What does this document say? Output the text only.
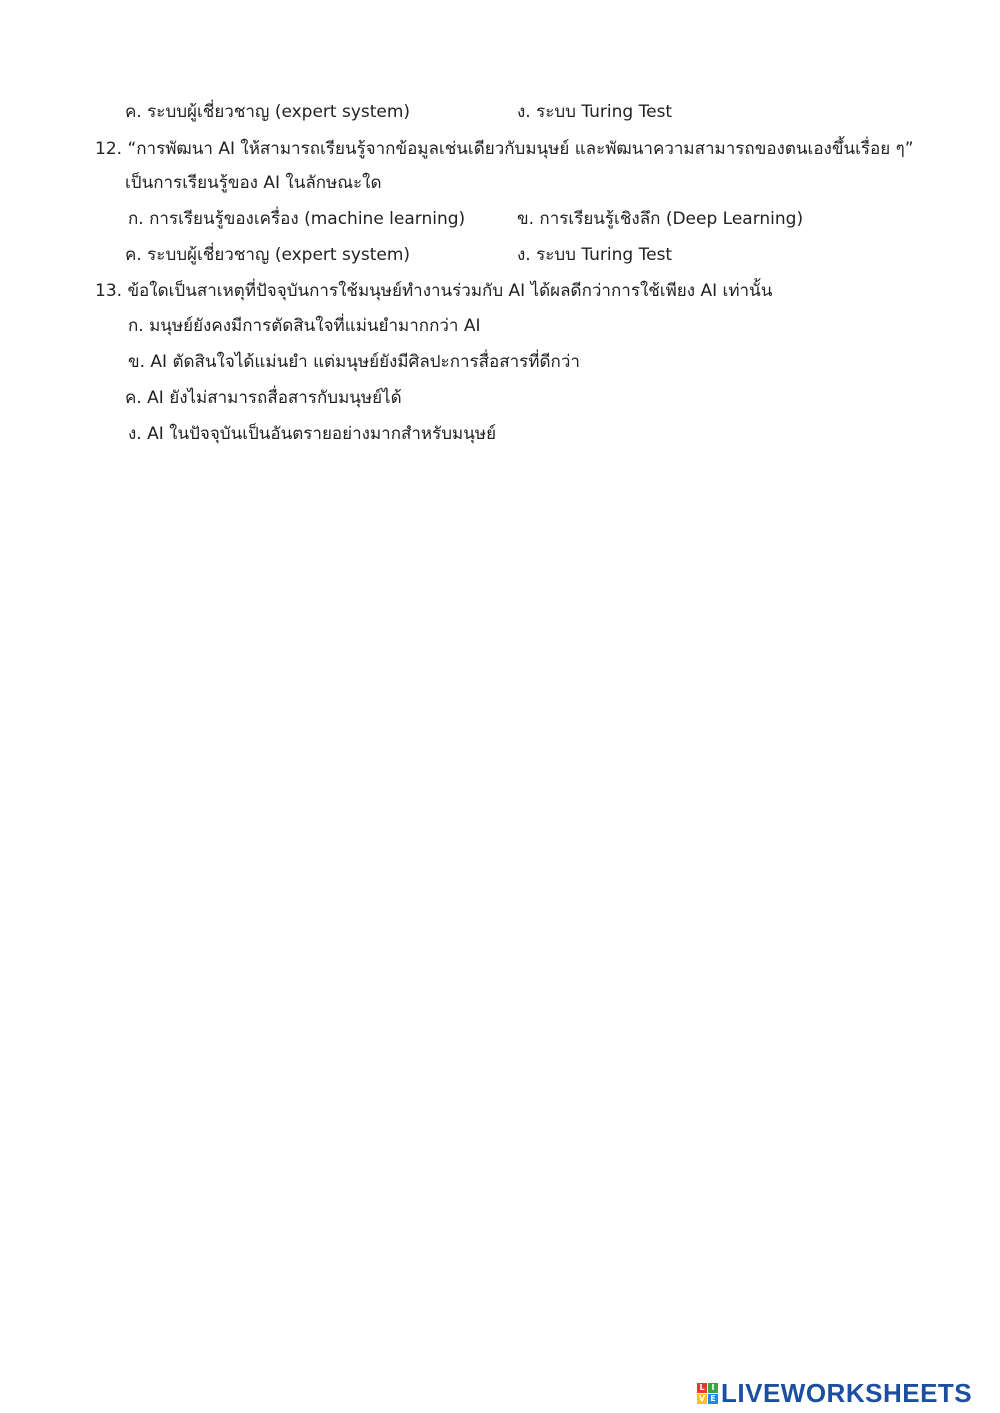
ค. ระบบผู้เชี่ยวชาญ (expert system)	ง. ระบบ Turing Test
12. “การพัฒนา AI ให้สามารถเรียนรู้จากข้อมูลเช่นเดียวกับมนุษย์ และพัฒนาความสามารถของตนเองขึ้นเรื่อย ๆ”
เป็นการเรียนรู้ของ AI ในลักษณะใด
ก. การเรียนรู้ของเครื่อง (machine learning)	ข. การเรียนรู้เชิงลึก (Deep Learning)
ค. ระบบผู้เชี่ยวชาญ (expert system)	ง. ระบบ Turing Test
13. ข้อใดเป็นสาเหตุที่ปัจจุบันการใช้มนุษย์ทำงานร่วมกับ AI ได้ผลดีกว่าการใช้เพียง AI เท่านั้น
ก. มนุษย์ยังคงมีการตัดสินใจที่แม่นยำมากกว่า AI
ข. AI ตัดสินใจได้แม่นยำ แต่มนุษย์ยังมีศิลปะการสื่อสารที่ดีกว่า
ค. AI ยังไม่สามารถสื่อสารกับมนุษย์ได้
ง. AI ในปัจจุบันเป็นอันตรายอย่างมากสำหรับมนุษย์
L I
V E LIVEWORKSHEETS
